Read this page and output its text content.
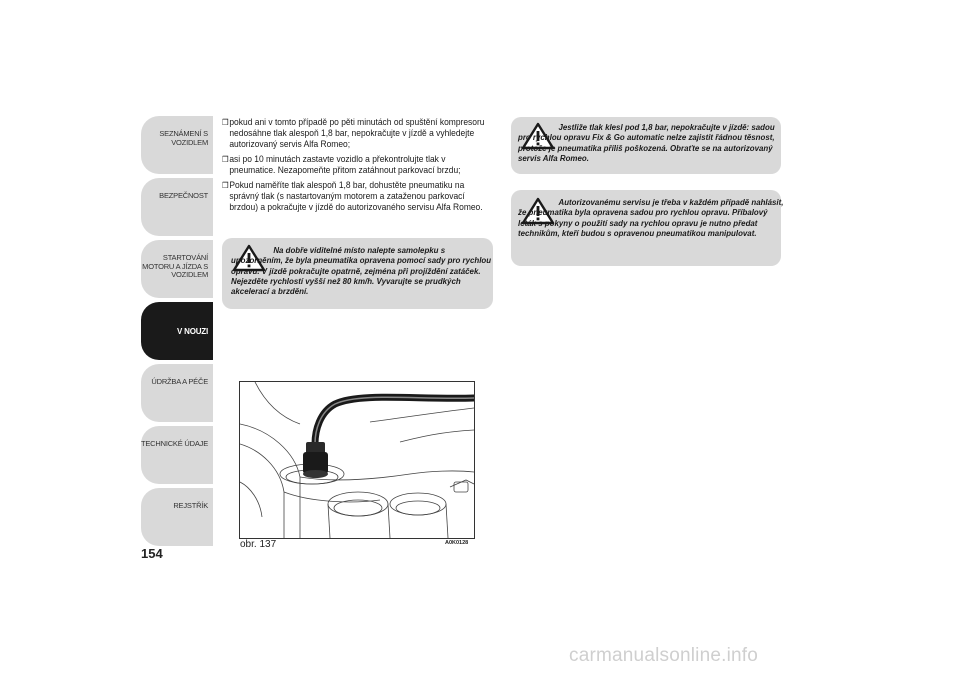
SEZNÁMENÍ S VOZIDLEM
BEZPEČNOST
STARTOVÁNÍ MOTORU A JÍZDA S VOZIDLEM
V NOUZI
ÚDRŽBA A PÉČE
TECHNICKÉ ÚDAJE
REJSTŘÍK
154
❒ pokud ani v tomto případě po pěti minutách od spuštění kompresoru nedosáhne tlak alespoň 1,8 bar, nepokračujte v jízdě a vyhledejte autorizovaný servis Alfa Romeo;
❒ asi po 10 minutách zastavte vozidlo a překontrolujte tlak v pneumatice. Nezapomeňte přitom zatáhnout parkovací brzdu;
❒ Pokud naměříte tlak alespoň 1,8 bar, dohustěte pneumatiku na správný tlak (s nastartovaným motorem a zataženou parkovací brzdou) a pokračujte v jízdě do autorizovaného servisu Alfa Romeo.
Na dobře viditelné místo nalepte samolepku s upozorněním, že byla pneumatika opravena pomocí sady pro rychlou opravu. V jízdě pokračujte opatrně, zejména při projíždění zatáček. Nejezděte rychlostí vyšší než 80 km/h. Vyvarujte se prudkých akcelerací a brzdění.
Jestliže tlak klesl pod 1,8 bar, nepokračujte v jízdě: sadou pro rychlou opravu Fix & Go automatic nelze zajistit řádnou těsnost, protože je pneumatika příliš poškozená. Obraťte se na autorizovaný servis Alfa Romeo.
Autorizovanému servisu je třeba v každém případě nahlásit, že pneumatika byla opravena sadou pro rychlou opravu. Příbalový leták s pokyny o použití sady na rychlou opravu je nutno předat technikům, kteří budou s opravenou pneumatikou manipulovat.
obr. 137	A0K0128
carmanualsonline.info
